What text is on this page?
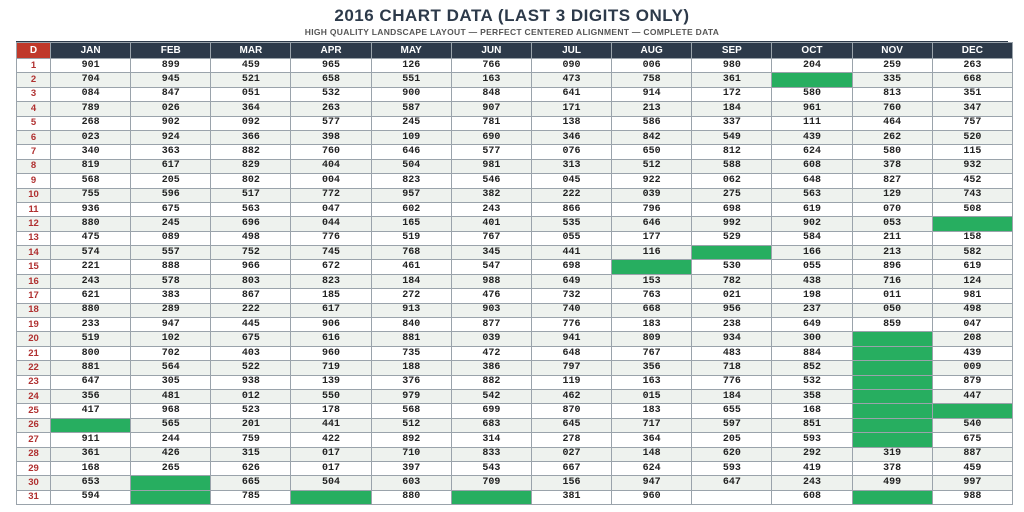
2016 CHART DATA (LAST 3 DIGITS ONLY)
HIGH QUALITY LANDSCAPE LAYOUT — PERFECT CENTERED ALIGNMENT — COMPLETE DATA
D	JAN	FEB	MAR	APR	MAY	JUN	JUL	AUG	SEP	OCT	NOV	DEC
1	901	899	459	965	126	766	090	006	980	204	259	263
2	704	945	521	658	551	163	473	758	361		335	668
3	084	847	051	532	900	848	641	914	172	580	813	351
4	789	026	364	263	587	907	171	213	184	961	760	347
5	268	902	092	577	245	781	138	586	337	111	464	757
6	023	924	366	398	109	690	346	842	549	439	262	520
7	340	363	882	760	646	577	076	650	812	624	580	115
8	819	617	829	404	504	981	313	512	588	608	378	932
9	568	205	802	004	823	546	045	922	062	648	827	452
10	755	596	517	772	957	382	222	039	275	563	129	743
11	936	675	563	047	602	243	866	796	698	619	070	508
12	880	245	696	044	165	401	535	646	992	902	053	
13	475	089	498	776	519	767	055	177	529	584	211	158
14	574	557	752	745	768	345	441	116		166	213	582
15	221	888	966	672	461	547	698		530	055	896	619
16	243	578	803	823	184	988	649	153	782	438	716	124
17	621	383	867	185	272	476	732	763	021	198	011	981
18	880	289	222	617	913	903	740	668	956	237	050	498
19	233	947	445	906	840	877	776	183	238	649	859	047
20	519	102	675	616	881	039	941	809	934	300		208
21	800	702	403	960	735	472	648	767	483	884		439
22	881	564	522	719	188	386	797	356	718	852		009
23	647	305	938	139	376	882	119	163	776	532		879
24	356	481	012	550	979	542	462	015	184	358		447
25	417	968	523	178	568	699	870	183	655	168		
26		565	201	441	512	683	645	717	597	851		540
27	911	244	759	422	892	314	278	364	205	593		675
28	361	426	315	017	710	833	027	148	620	292	319	887
29	168	265	626	017	397	543	667	624	593	419	378	459
30	653		665	504	603	709	156	947	647	243	499	997
31	594		785		880		381	960		608		988
